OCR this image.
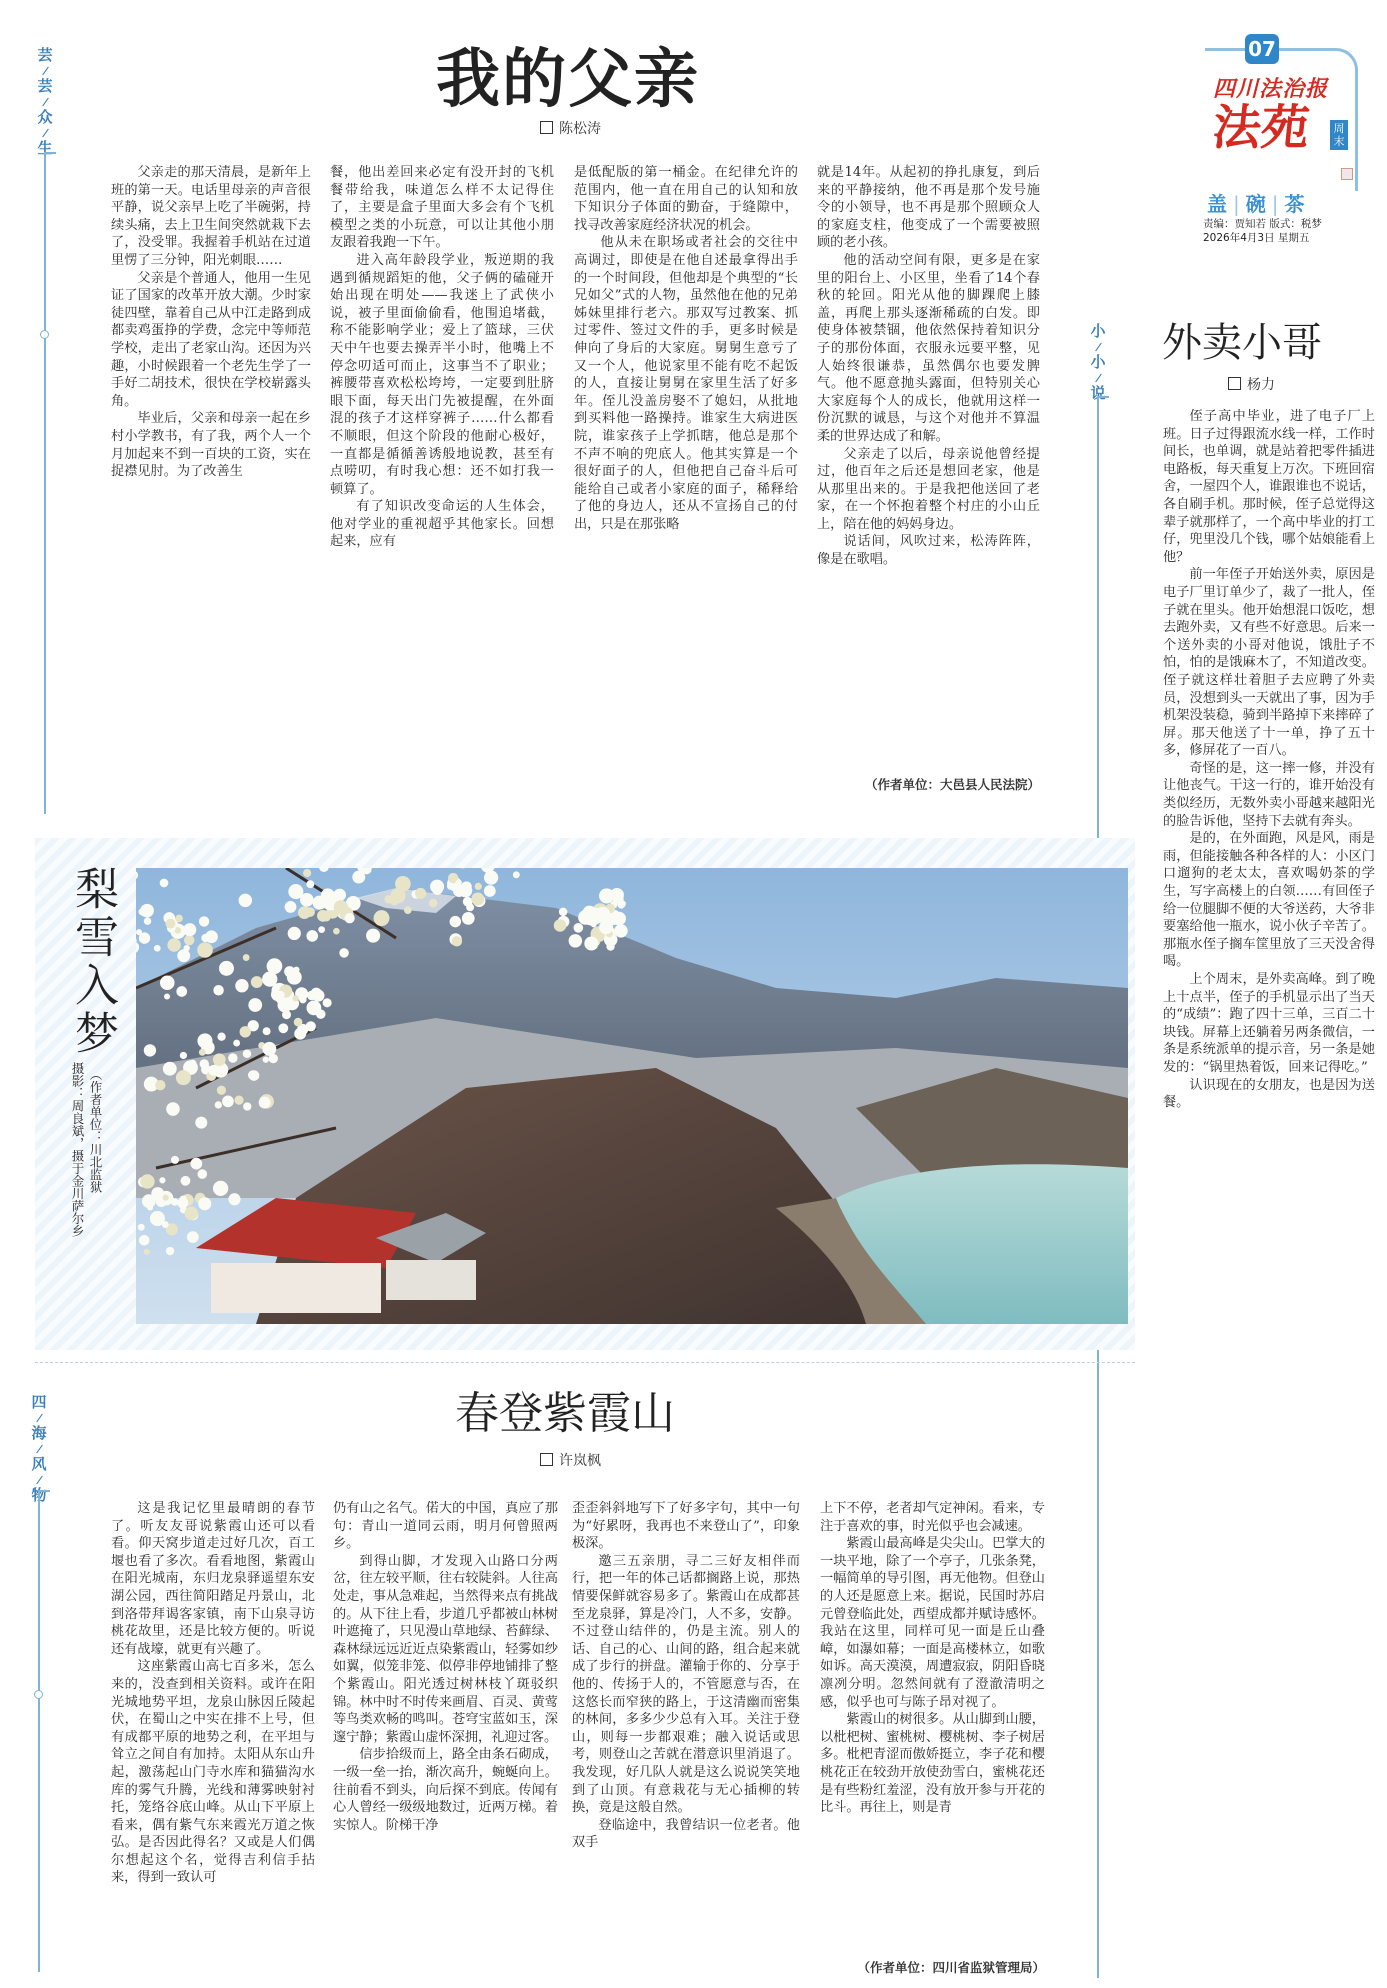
07
四川法治报
法苑	周末
盖 | 碗 | 茶
责编：贾知若 版式：税梦
2026年4月3日 星期五
芸
芸
众
生
小
小
说
四
海
风
物
我的父亲
陈松涛

父亲走的那天清晨，是新年上班的第一天。电话里母亲的声音很平静，说父亲早上吃了半碗粥，持续头痛，去上卫生间突然就栽下去了，没受罪。我握着手机站在过道里愣了三分钟，阳光刺眼……

父亲是个普通人，他用一生见证了国家的改革开放大潮。少时家徒四壁，靠着自己从中江走路到成都卖鸡蛋挣的学费，念完中等师范学校，走出了老家山沟。还因为兴趣，小时候跟着一个老先生学了一手好二胡技术，很快在学校崭露头角。

毕业后，父亲和母亲一起在乡村小学教书，有了我，两个人一个月加起来不到一百块的工资，实在捉襟见肘。为了改善生

餐，他出差回来必定有没开封的飞机餐带给我，味道怎么样不太记得住了，主要是盒子里面大多会有个飞机模型之类的小玩意，可以让其他小朋友跟着我跑一下午。

进入高年龄段学业，叛逆期的我遇到循规蹈矩的他，父子俩的磕碰开始出现在明处——我迷上了武侠小说，被子里面偷偷看，他围追堵截，称不能影响学业；爱上了篮球，三伏天中午也要去操弄半小时，他嘴上不停念叨适可而止，这事当不了职业；裤腰带喜欢松松垮垮，一定要到肚脐眼下面，每天出门先被提醒，在外面混的孩子才这样穿裤子……什么都看不顺眼，但这个阶段的他耐心极好，一直都是循循善诱般地说教，甚至有点唠叨，有时我心想：还不如打我一顿算了。

有了知识改变命运的人生体会，他对学业的重视超乎其他家长。回想起来，应有

是低配版的第一桶金。在纪律允许的范围内，他一直在用自己的认知和放下知识分子体面的勤奋，于缝隙中，找寻改善家庭经济状况的机会。

他从未在职场或者社会的交往中高调过，即使是在他自述最拿得出手的一个时间段，但他却是个典型的“长兄如父”式的人物，虽然他在他的兄弟姊妹里排行老六。那双写过教案、抓过零件、签过文件的手，更多时候是伸向了身后的大家庭。舅舅生意亏了又一个人，他说家里不能有吃不起饭的人，直接让舅舅在家里生活了好多年。侄儿没盖房娶不了媳妇，从批地到买料他一路操持。谁家生大病进医院，谁家孩子上学抓瞎，他总是那个不声不响的兜底人。他其实算是一个很好面子的人，但他把自己奋斗后可能给自己或者小家庭的面子，稀释给了他的身边人，还从不宣扬自己的付出，只是在那张略

就是14年。从起初的挣扎康复，到后来的平静接纳，他不再是那个发号施令的小领导，也不再是那个照顾众人的家庭支柱，他变成了一个需要被照顾的老小孩。

他的活动空间有限，更多是在家里的阳台上、小区里，坐看了14个春秋的轮回。阳光从他的脚踝爬上膝盖，再爬上那头逐渐稀疏的白发。即使身体被禁锢，他依然保持着知识分子的那份体面，衣服永远要平整，见人始终很谦恭，虽然偶尔也要发脾气。他不愿意抛头露面，但特别关心大家庭每个人的成长，他就用这样一份沉默的诚恳，与这个对他并不算温柔的世界达成了和解。

父亲走了以后，母亲说他曾经提过，他百年之后还是想回老家，他是从那里出来的。于是我把他送回了老家，在一个怀抱着整个村庄的小山丘上，陪在他的妈妈身边。

说话间，风吹过来，松涛阵阵，像是在歌唱。

（作者单位：大邑县人民法院）
外卖小哥
杨力

侄子高中毕业，进了电子厂上班。日子过得跟流水线一样，工作时间长，也单调，就是站着把零件插进电路板，每天重复上万次。下班回宿舍，一屋四个人，谁跟谁也不说话，各自刷手机。那时候，侄子总觉得这辈子就那样了，一个高中毕业的打工仔，兜里没几个钱，哪个姑娘能看上他？

前一年侄子开始送外卖，原因是电子厂里订单少了，裁了一批人，侄子就在里头。他开始想混口饭吃，想去跑外卖，又有些不好意思。后来一个送外卖的小哥对他说，饿肚子不怕，怕的是饿麻木了，不知道改变。侄子就这样壮着胆子去应聘了外卖员，没想到头一天就出了事，因为手机架没装稳，骑到半路掉下来摔碎了屏。那天他送了十一单，挣了五十多，修屏花了一百八。

奇怪的是，这一摔一修，并没有让他丧气。干这一行的，谁开始没有类似经历，无数外卖小哥越来越阳光的脸告诉他，坚持下去就有奔头。

是的，在外面跑，风是风，雨是雨，但能接触各种各样的人：小区门口遛狗的老太太，喜欢喝奶茶的学生，写字高楼上的白领……有回侄子给一位腿脚不便的大爷送药，大爷非要塞给他一瓶水，说小伙子辛苦了。那瓶水侄子搁车筐里放了三天没舍得喝。

上个周末，是外卖高峰。到了晚上十点半，侄子的手机显示出了当天的“成绩”：跑了四十三单，三百二十块钱。屏幕上还躺着另两条微信，一条是系统派单的提示音，另一条是她发的：“锅里热着饭，回来记得吃。”

认识现在的女朋友，也是因为送餐。

梨雪入梦
（作者单位：川北监狱
摄影：周良斌，摄于金川萨尔乡
春登紫霞山
许岚枫

这是我记忆里最晴朗的春节了。听友友哥说紫霞山还可以看看。仰天窝步道走过好几次，百工堰也看了多次。看看地图，紫霞山在阳光城南，东归龙泉驿遥望东安湖公园，西往简阳踏足丹景山，北到洛带拜谒客家镇，南下山泉寻访桃花故里，还是比较方便的。听说还有战壕，就更有兴趣了。

这座紫霞山高七百多米，怎么来的，没查到相关资料。或许在阳光城地势平坦，龙泉山脉因丘陵起伏，在蜀山之中实在排不上号，但有成都平原的地势之利，在平坦与耸立之间自有加持。太阳从东山升起，激荡起山门寺水库和猫猫沟水库的雾气升腾，光线和薄雾映射衬托，笼络谷底山峰。从山下平原上看来，偶有紫气东来霞光万道之恢弘。是否因此得名？又或是人们偶尔想起这个名，觉得吉利信手拈来，得到一致认可

仍有山之名气。偌大的中国，真应了那句：青山一道同云雨，明月何曾照两乡。

到得山脚，才发现入山路口分两岔，往左较平顺，往右较陡斜。人往高处走，事从急难起，当然得来点有挑战的。从下往上看，步道几乎都被山林树叶遮掩了，只见漫山草地绿、苔藓绿、森林绿远远近近点染紫霞山，轻雾如纱如翼，似笼非笼、似停非停地铺排了整个紫霞山。阳光透过树林枝丫斑驳织锦。林中时不时传来画眉、百灵、黄莺等鸟类欢畅的鸣叫。苍穹宝蓝如玉，深邃宁静；紫霞山虚怀深拥，礼迎过客。

信步拾级而上，路全由条石砌成，一级一垒一抬，渐次高升，蜿蜒向上。往前看不到头，向后探不到底。传闻有心人曾经一级级地数过，近两万梯。着实惊人。阶梯干净

歪歪斜斜地写下了好多字句，其中一句为“好累呀，我再也不来登山了”，印象极深。

邀三五亲朋，寻二三好友相伴而行，把一年的体己话都搁路上说，那热情要保鲜就容易多了。紫霞山在成都甚至龙泉驿，算是冷门，人不多，安静。不过登山结伴的，仍是主流。别人的话、自己的心、山间的路，组合起来就成了步行的拼盘。灌输于你的、分享于他的、传扬于人的，不管愿意与否，在这悠长而窄狭的路上，于这清幽而密集的林间，多多少少总有入耳。关注于登山，则每一步都艰难；融入说话或思考，则登山之苦就在潜意识里消退了。我发现，好几队人就是这么说说笑笑地到了山顶。有意栽花与无心插柳的转换，竟是这般自然。

登临途中，我曾结识一位老者。他双手

上下不停，老者却气定神闲。看来，专注于喜欢的事，时光似乎也会减速。

紫霞山最高峰是尖尖山。巴掌大的一块平地，除了一个亭子，几张条凳，一幅简单的导引图，再无他物。但登山的人还是愿意上来。据说，民国时苏启元曾登临此处，西望成都并赋诗感怀。我站在这里，同样可见一面是丘山叠嶂，如瀑如幕；一面是高楼林立，如歌如诉。高天漠漠，周遭寂寂，阴阳昏晓凛冽分明。忽然间就有了澄澈清明之感，似乎也可与陈子昂对视了。

紫霞山的树很多。从山脚到山腰，以枇杷树、蜜桃树、樱桃树、李子树居多。枇杷青涩而傲娇挺立，李子花和樱桃花正在较劲开放使劲雪白，蜜桃花还是有些粉红羞涩，没有放开参与开花的比斗。再往上，则是青

（作者单位：四川省监狱管理局）
